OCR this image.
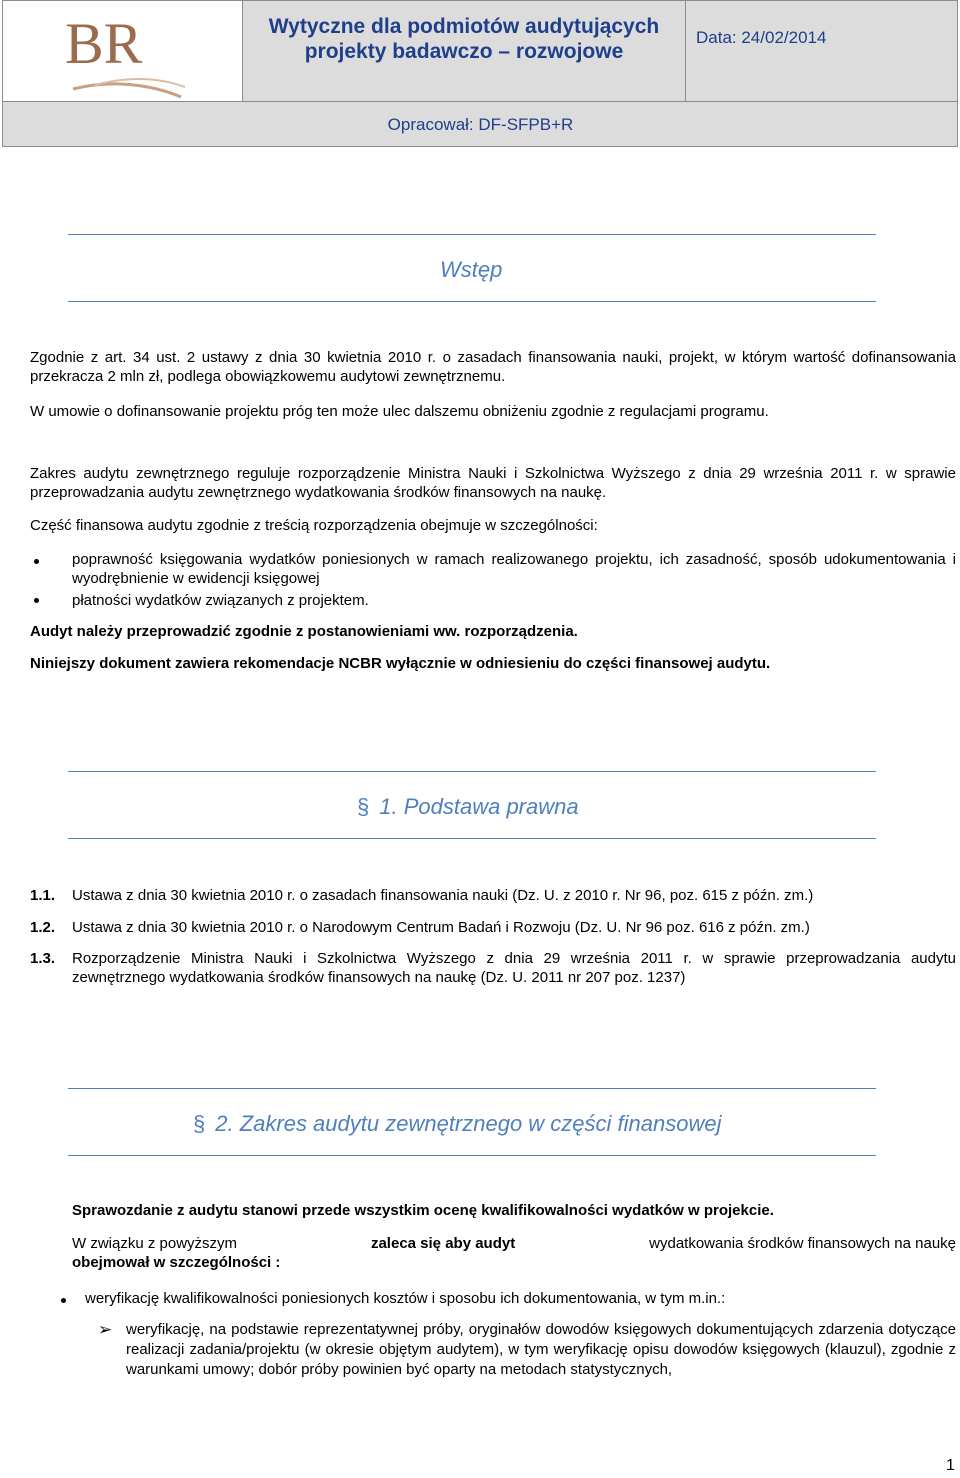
BR	Wytyczne dla podmiotów audytujących projekty badawczo – rozwojowe
Data: 24/02/2014
Opracował: DF-SFPB+R
Wstęp
Zgodnie z art. 34 ust. 2 ustawy z dnia 30 kwietnia 2010 r. o zasadach finansowania nauki, projekt, w którym wartość dofinansowania przekracza 2 mln zł, podlega obowiązkowemu audytowi zewnętrznemu.
W umowie o dofinansowanie projektu próg ten może ulec dalszemu obniżeniu zgodnie z regulacjami programu.
Zakres audytu zewnętrznego reguluje rozporządzenie Ministra Nauki i Szkolnictwa Wyższego z dnia 29 września 2011 r. w sprawie przeprowadzania audytu zewnętrznego wydatkowania środków finansowych na naukę.
Część finansowa audytu zgodnie z treścią rozporządzenia obejmuje w szczególności:
poprawność księgowania wydatków poniesionych w ramach realizowanego projektu, ich zasadność, sposób udokumentowania i wyodrębnienie w ewidencji księgowej
płatności wydatków związanych z projektem.
Audyt należy przeprowadzić zgodnie z postanowieniami ww. rozporządzenia.
Niniejszy dokument zawiera rekomendacje NCBR wyłącznie w odniesieniu do części finansowej audytu.
§ 1. Podstawa prawna
1.1. Ustawa z dnia 30 kwietnia 2010 r. o zasadach finansowania nauki (Dz. U. z 2010 r. Nr 96, poz. 615 z późn. zm.)
1.2. Ustawa z dnia 30 kwietnia 2010 r. o Narodowym Centrum Badań i Rozwoju (Dz. U. Nr 96 poz. 616 z późn. zm.)
1.3. Rozporządzenie Ministra Nauki i Szkolnictwa Wyższego z dnia 29 września 2011 r. w sprawie przeprowadzania audytu zewnętrznego wydatkowania środków finansowych na naukę (Dz. U. 2011 nr 207 poz. 1237)
§ 2. Zakres audytu zewnętrznego w części finansowej
Sprawozdanie z audytu stanowi przede wszystkim ocenę kwalifikowalności wydatków w projekcie.
W związku z powyższym	zaleca się aby audyt	wydatkowania środków finansowych na naukę
obejmował w szczególności :
weryfikację kwalifikowalności poniesionych kosztów i sposobu ich dokumentowania, w tym m.in.:
➢ weryfikację, na podstawie reprezentatywnej próby, oryginałów dowodów księgowych dokumentujących zdarzenia dotyczące realizacji zadania/projektu (w okresie objętym audytem), w tym weryfikację opisu dowodów księgowych (klauzul), zgodnie z warunkami umowy; dobór próby powinien być oparty na metodach statystycznych,
1
